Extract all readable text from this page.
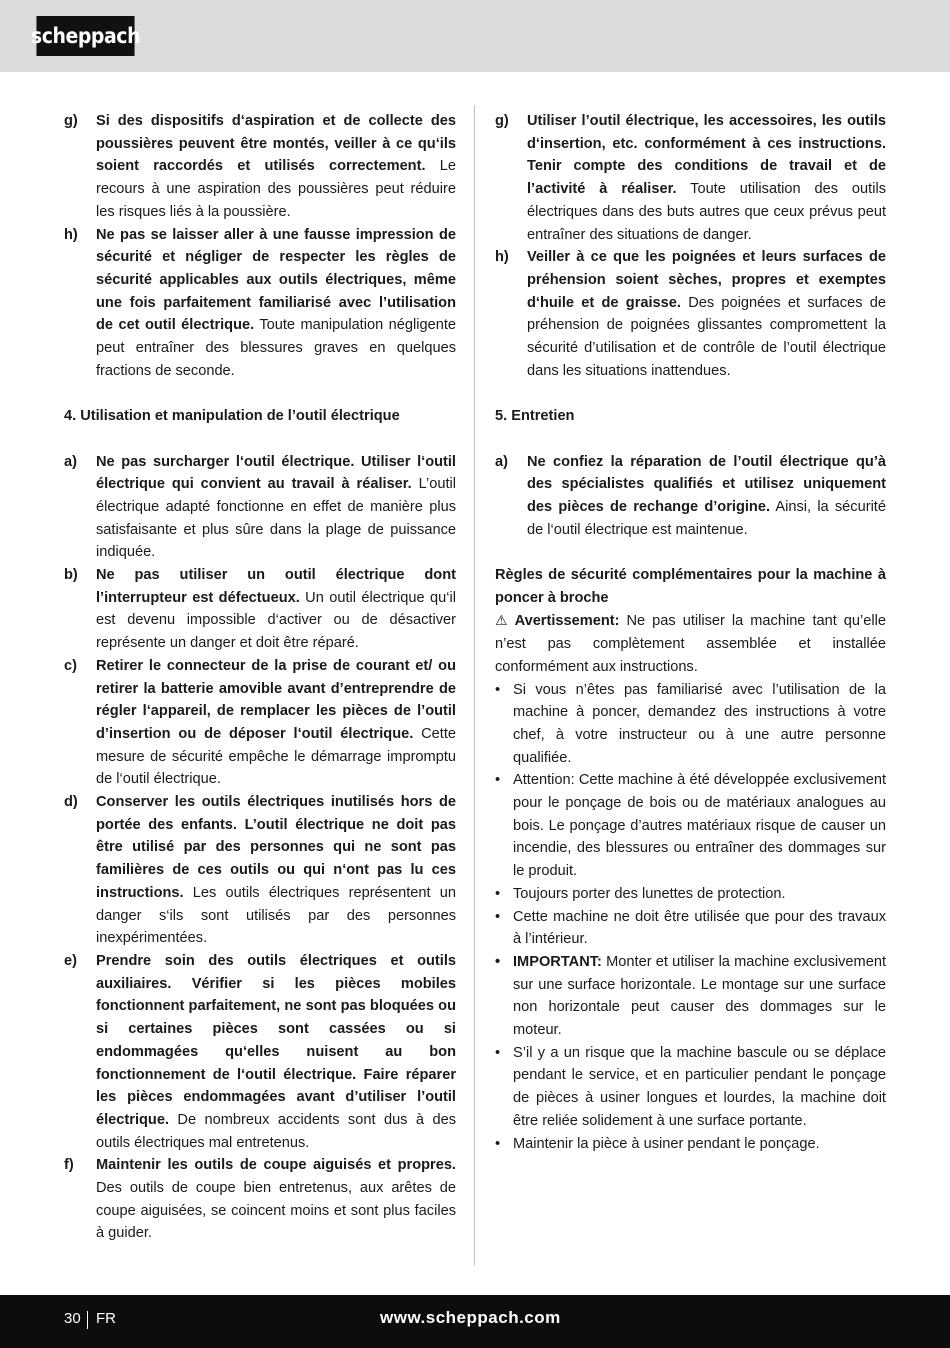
scheppach
g)	Si des dispositifs d‘aspiration et de collecte des poussières peuvent être montés, veiller à ce qu‘ils soient raccordés et utilisés correctement. Le recours à une aspiration des poussières peut réduire les risques liés à la poussière.
h)	Ne pas se laisser aller à une fausse impression de sécurité et négliger de respecter les règles de sécurité applicables aux outils électriques, même une fois parfaitement familiarisé avec l’utilisation de cet outil électrique. Toute manipulation négligente peut entraîner des blessures graves en quelques fractions de seconde.
4. Utilisation et manipulation de l’outil électrique
a)	Ne pas surcharger l‘outil électrique. Utiliser l‘outil électrique qui convient au travail à réaliser. L’outil électrique adapté fonctionne en effet de manière plus satisfaisante et plus sûre dans la plage de puissance indiquée.
b)	Ne pas utiliser un outil électrique dont l’interrupteur est défectueux. Un outil électrique qu‘il est devenu impossible d‘activer ou de désactiver représente un danger et doit être réparé.
c)	Retirer le connecteur de la prise de courant et/ ou retirer la batterie amovible avant d’entreprendre de régler l‘appareil, de remplacer les pièces de l’outil d’insertion ou de déposer l‘outil électrique. Cette mesure de sécurité empêche le démarrage impromptu de l‘outil électrique.
d)	Conserver les outils électriques inutilisés hors de portée des enfants. L’outil électrique ne doit pas être utilisé par des personnes qui ne sont pas familières de ces outils ou qui n‘ont pas lu ces instructions. Les outils électriques représentent un danger s‘ils sont utilisés par des personnes inexpérimentées.
e)	Prendre soin des outils électriques et outils auxiliaires. Vérifier si les pièces mobiles fonctionnent parfaitement, ne sont pas bloquées ou si certaines pièces sont cassées ou si endommagées qu‘elles nuisent au bon fonctionnement de l‘outil électrique. Faire réparer les pièces endommagées avant d’utiliser l’outil électrique. De nombreux accidents sont dus à des outils électriques mal entretenus.
f)	Maintenir les outils de coupe aiguisés et propres. Des outils de coupe bien entretenus, aux arêtes de coupe aiguisées, se coincent moins et sont plus faciles à guider.
g)	Utiliser l’outil électrique, les accessoires, les outils d‘insertion, etc. conformément à ces instructions. Tenir compte des conditions de travail et de l’activité à réaliser. Toute utilisation des outils électriques dans des buts autres que ceux prévus peut entraîner des situations de danger.
h)	Veiller à ce que les poignées et leurs surfaces de préhension soient sèches, propres et exemptes d‘huile et de graisse. Des poignées et surfaces de préhension de poignées glissantes compromettent la sécurité d’utilisation et de contrôle de l’outil électrique dans les situations inattendues.
5. Entretien
a)	Ne confiez la réparation de l’outil électrique qu’à des spécialistes qualifiés et utilisez uniquement des pièces de rechange d’origine. Ainsi, la sécurité de l‘outil électrique est maintenue.
Règles de sécurité complémentaires pour la machine à poncer à broche
⚠ Avertissement: Ne pas utiliser la machine tant qu’elle n’est pas complètement assemblée et installée conformément aux instructions.
• Si vous n’êtes pas familiarisé avec l’utilisation de la machine à poncer, demandez des instructions à votre chef, à votre instructeur ou à une autre personne qualifiée.
• Attention: Cette machine à été développée exclusivement pour le ponçage de bois ou de matériaux analogues au bois. Le ponçage d’autres matériaux risque de causer un incendie, des blessures ou entraîner des dommages sur le produit.
• Toujours porter des lunettes de protection.
• Cette machine ne doit être utilisée que pour des travaux à l’intérieur.
• IMPORTANT: Monter et utiliser la machine exclusivement sur une surface horizontale. Le montage sur une surface non horizontale peut causer des dommages sur le moteur.
• S’il y a un risque que la machine bascule ou se déplace pendant le service, et en particulier pendant le ponçage de pièces à usiner longues et lourdes, la machine doit être reliée solidement à une surface portante.
• Maintenir la pièce à usiner pendant le ponçage.
30 FR	www.scheppach.com
